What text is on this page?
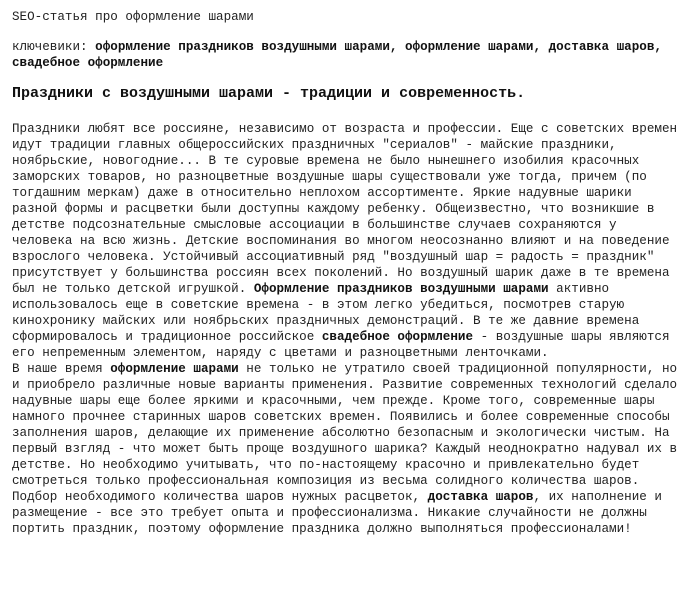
SEO-статья про оформление шарами
ключевики: оформление праздников воздушными шарами, оформление шарами, доставка шаров, свадебное оформление
Праздники с воздушными шарами - традиции и современность.

Праздники любят все россияне, независимо от возраста и профессии. Еще с советских времен идут традиции главных общероссийских праздничных "сериалов" - майские праздники, ноябрьские, новогодние... В те суровые времена не было нынешнего изобилия красочных заморских товаров, но разноцветные воздушные шары существовали уже тогда, причем (по тогдашним меркам) даже в относительно неплохом ассортименте. Яркие надувные шарики разной формы и расцветки были доступны каждому ребенку. Общеизвестно, что возникшие в детстве подсознательные смысловые ассоциации в большинстве случаев сохраняются у человека на всю жизнь. Детские воспоминания во многом неосознанно влияют и на поведение взрослого человека. Устойчивый ассоциативный ряд "воздушный шар = радость = праздник" присутствует у большинства россиян всех поколений. Но воздушный шарик даже в те времена был не только детской игрушкой. Оформление праздников воздушными шарами активно использовалось еще в советские времена - в этом легко убедиться, посмотрев старую кинохронику майских или ноябрьских праздничных демонстраций. В те же давние времена сформировалось и традиционное российское свадебное оформление - воздушные шары являются его непременным элементом, наряду с цветами и разноцветными ленточками.

В наше время оформление шарами не только не утратило своей традиционной популярности, но и приобрело различные новые варианты применения. Развитие современных технологий сделало надувные шары еще более яркими и красочными, чем прежде. Кроме того, современные шары намного прочнее старинных шаров советских времен. Появились и более современные способы заполнения шаров, делающие их применение абсолютно безопасным и экологически чистым. На первый взгляд - что может быть проще воздушного шарика? Каждый неоднократно надувал их в детстве. Но необходимо учитывать, что по-настоящему красочно и привлекательно будет смотреться только профессиональная композиция из весьма солидного количества шаров. Подбор необходимого количества шаров нужных расцветок, доставка шаров, их наполнение и размещение - все это требует опыта и профессионализма. Никакие случайности не должны портить праздник, поэтому оформление праздника должно выполняться профессионалами!
